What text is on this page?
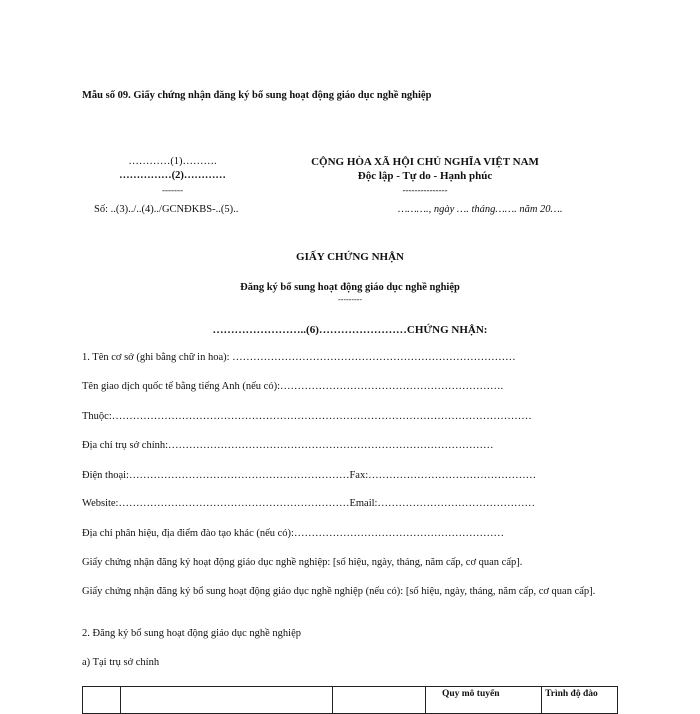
Mẫu số 09. Giấy chứng nhận đăng ký bổ sung hoạt động giáo dục nghề nghiệp
…………(1)……….
……………(2)…………
-------
CỘNG HÒA XÃ HỘI CHỦ NGHĨA VIỆT NAM
Độc lập - Tự do - Hạnh phúc
---------------
Số: ..(3)../..(4)../GCNĐKBS-..(5)..	………., ngày …. tháng……. năm 20….
GIẤY CHỨNG NHẬN
Đăng ký bổ sung hoạt động giáo dục nghề nghiệp
---------
……………………..(6)……………………CHỨNG NHẬN:
1. Tên cơ sở (ghi bằng chữ in hoa): ………………………………………………………………………
Tên giao dịch quốc tế bằng tiếng Anh (nếu có):……………………………………………………….
Thuộc:…………………………………………………………………………………………………………
Địa chỉ trụ sở chính:…………………………………………………………………………………
Điện thoại:………………………………………………………Fax:…………………………………………
Website:…………………………………………………………Email:………………………………………
Địa chỉ phân hiệu, địa điểm đào tạo khác (nếu có):……………………………………………………
Giấy chứng nhận đăng ký hoạt động giáo dục nghề nghiệp: [số hiệu, ngày, tháng, năm cấp, cơ quan cấp].
Giấy chứng nhận đăng ký bổ sung hoạt động giáo dục nghề nghiệp (nếu có): [số hiệu, ngày, tháng, năm cấp, cơ quan cấp].
2. Đăng ký bổ sung hoạt động giáo dục nghề nghiệp
a) Tại trụ sở chính
			Quy mô tuyển	Trình độ đào
